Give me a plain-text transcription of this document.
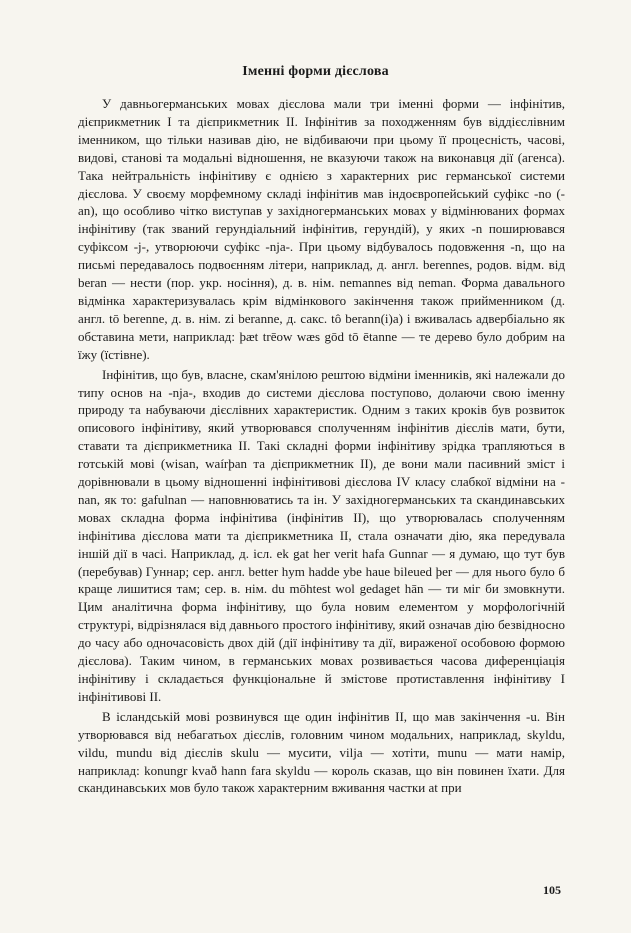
Іменні форми дієслова

У давньогерманських мовах дієслова мали три іменні форми — інфінітив, дієприкметник I та дієприкметник II. Інфінітив за походженням був віддієслівним іменником, що тільки називав дію, не відбиваючи при цьому її процесність, часові, видові, станові та модальні відношення, не вказуючи також на виконавця дії (агенса). Така нейтральність інфінітиву є однією з характерних рис германської системи дієслова. У своєму морфемному складі інфінітив мав індоєвропейський суфікс -no (-an), що особливо чітко виступав у західногерманських мовах у відмінюваних формах інфінітиву (так званий герундіальний інфінітив, герундій), у яких -n поширювався суфіксом -j-, утворюючи суфікс -nja-. При цьому відбувалось подовження -n, що на письмі передавалось подвоєнням літери, наприклад, д. англ. berennes, родов. відм. від beran — нести (пор. укр. носіння), д. в. нім. nemannes від neman. Форма давального відмінка характеризувалась крім відмінкового закінчення також прийменником (д. англ. tō berenne, д. в. нім. zi beranne, д. сакс. tô berann(i)a) і вживалась адвербіально як обставина мети, наприклад: þæt trēow wæs gōd tō ētanne — те дерево було добрим на їжу (їстівне).

Інфінітив, що був, власне, скам'янілою рештою відміни іменників, які належали до типу основ на -nja-, входив до системи дієслова поступово, долаючи свою іменну природу та набуваючи дієслівних характеристик. Одним з таких кроків був розвиток описового інфінітиву, який утворювався сполученням інфінітив дієслів мати, бути, ставати та дієприкметника II. Такі складні форми інфінітиву зрідка трапляються в готській мові (wisan, waírþan та дієприкметник II), де вони мали пасивний зміст і дорівнювали в цьому відношенні інфінітивові дієслова IV класу слабкої відміни на -nan, як то: gafulnan — наповнюватись та ін. У західногерманських та скандинавських мовах складна форма інфінітива (інфінітив II), що утворювалась сполученням інфінітива дієслова мати та дієприкметника II, стала означати дію, яка передувала іншій дії в часі. Наприклад, д. ісл. ek gat her verit hafa Gunnar — я думаю, що тут був (перебував) Гуннар; сер. англ. better hym hadde ybe haue bileued þer — для нього було б краще лишитися там; сер. в. нім. du mōhtest wol gedaget hān — ти міг би змовкнути. Цим аналітична форма інфінітиву, що була новим елементом у морфологічній структурі, відрізнялася від давнього простого інфінітиву, який означав дію безвідносно до часу або одночасовість двох дій (дії інфінітиву та дії, вираженої особовою формою дієслова). Таким чином, в германських мовах розвивається часова диференціація інфінітиву і складається функціональне й змістове протиставлення інфінітиву I інфінітивові II.

В ісландській мові розвинувся ще один інфінітив II, що мав закінчення -u. Він утворювався від небагатьох дієслів, головним чином модальних, наприклад, skyldu, vildu, mundu від дієслів skulu — мусити, vilja — хотіти, munu — мати намір, наприклад: konungr kvað hann fara skyldu — король сказав, що він повинен їхати. Для скандинавських мов було також характерним вживання частки at при

105
